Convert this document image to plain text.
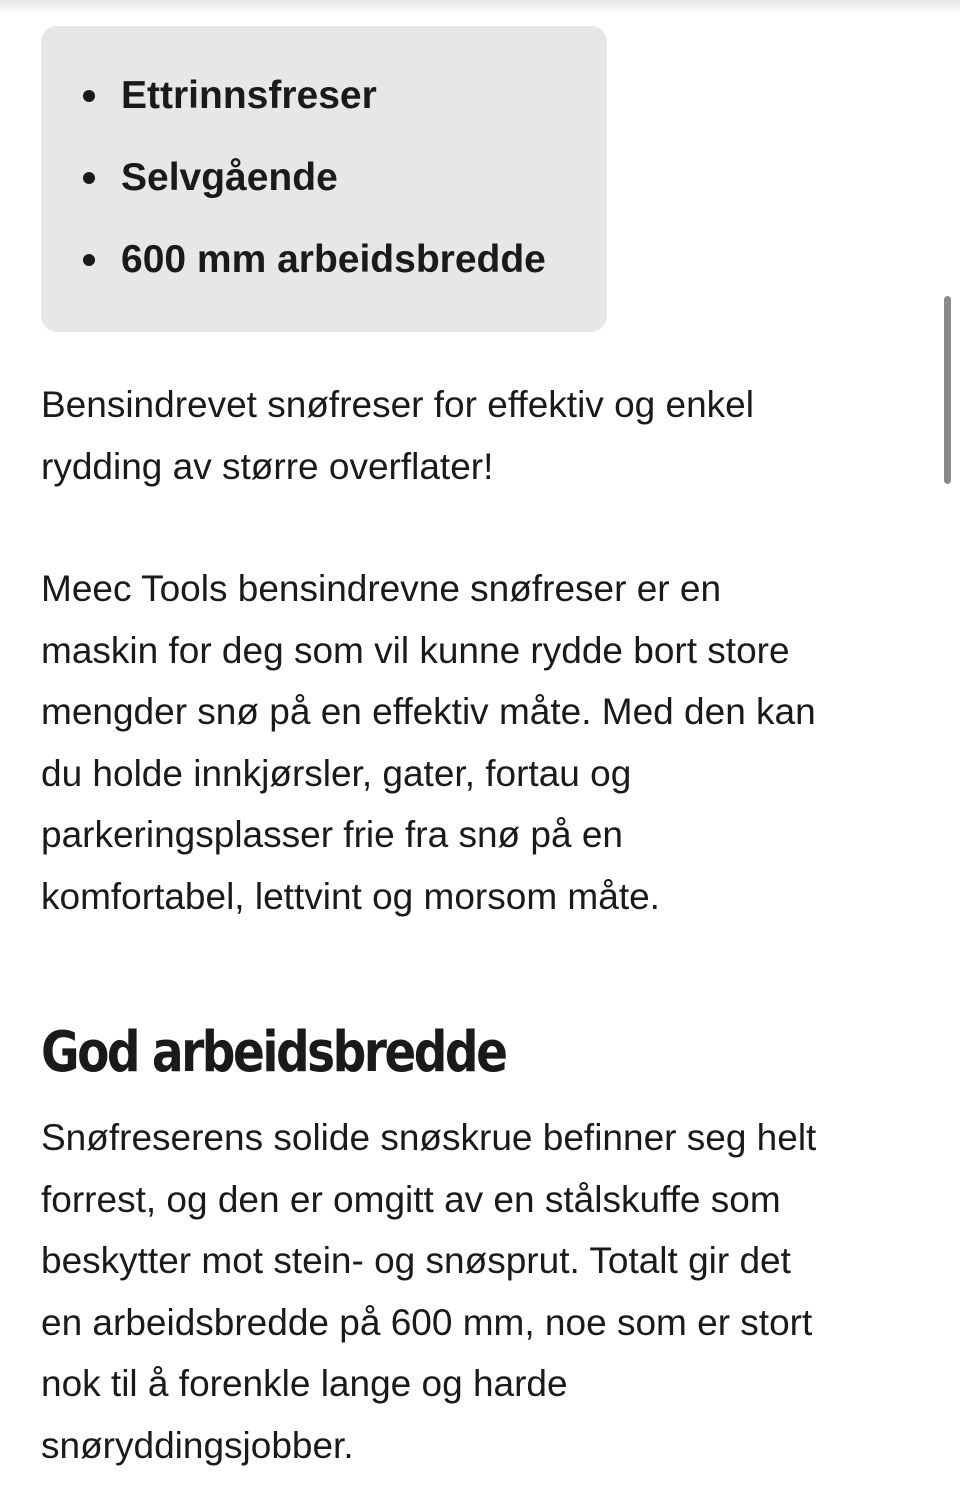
Ettrinnsfreser
Selvgående
600 mm arbeidsbredde

Bensindrevet snøfreser for effektiv og enkel
rydding av større overflater!

Meec Tools bensindrevne snøfreser er en
maskin for deg som vil kunne rydde bort store
mengder snø på en effektiv måte. Med den kan
du holde innkjørsler, gater, fortau og
parkeringsplasser frie fra snø på en
komfortabel, lettvint og morsom måte.

God arbeidsbredde

Snøfreserens solide snøskrue befinner seg helt
forrest, og den er omgitt av en stålskuffe som
beskytter mot stein- og snøsprut. Totalt gir det
en arbeidsbredde på 600 mm, noe som er stort
nok til å forenkle lange og harde
snøryddingsjobber.
